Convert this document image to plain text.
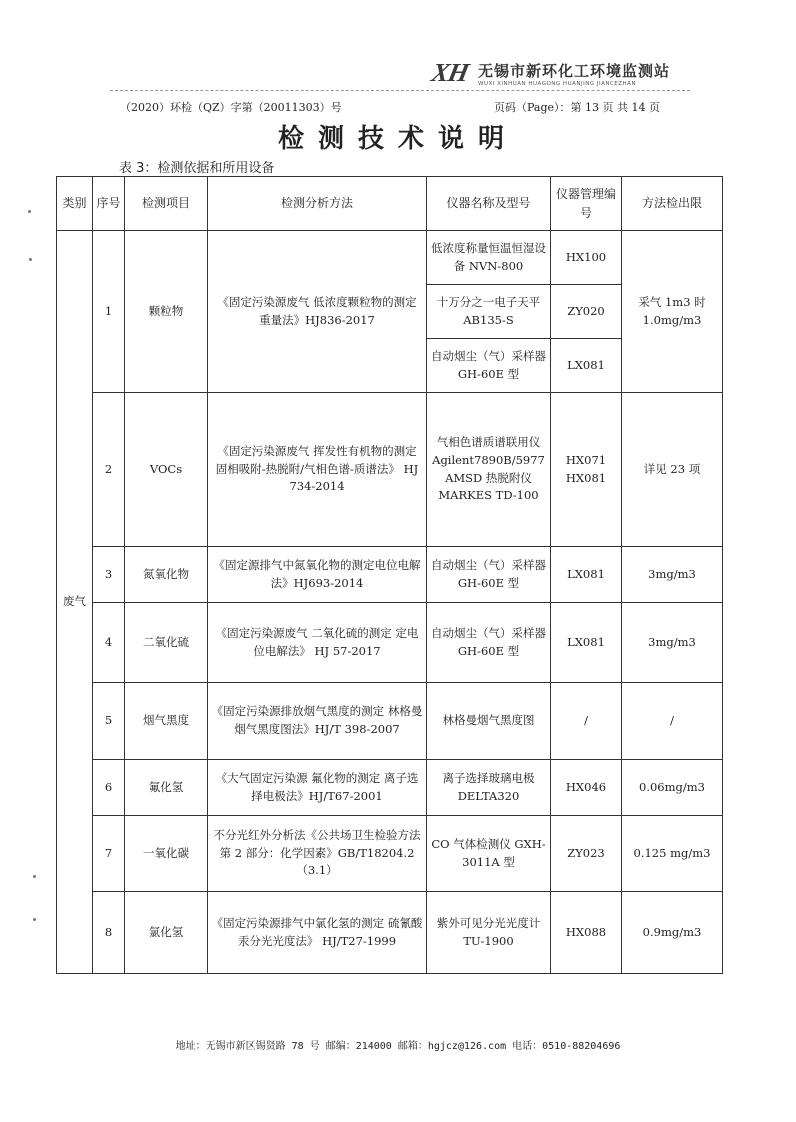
XH 无锡市新环化工环境监测站
WUXI XINHUAN HUAGONG HUANJING JIANCEZHAN
（2020）环检（QZ）字第（20011303）号	页码（Page）：第 13 页 共 14 页
检测技术说明
表 3：检测依据和所用设备
类别	序号	检测项目	检测分析方法	仪器名称及型号	仪器管理编号	方法检出限
废气	1	颗粒物	《固定污染源废气 低浓度颗粒物的测定 重量法》HJ836-2017	低浓度称量恒温恒湿设备 NVN-800	HX100	采气 1m3 时 1.0mg/m3
				十万分之一电子天平 AB135-S	ZY020	
				自动烟尘（气）采样器 GH-60E 型	LX081	
	2	VOCs	《固定污染源废气 挥发性有机物的测定 固相吸附-热脱附/气相色谱-质谱法》 HJ 734-2014	气相色谱质谱联用仪 Agilent7890B/5977 AMSD 热脱附仪 MARKES TD-100	HX071 HX081	详见 23 项
	3	氮氧化物	《固定源排气中氮氧化物的测定电位电解法》HJ693-2014	自动烟尘（气）采样器 GH-60E 型	LX081	3mg/m3
	4	二氧化硫	《固定污染源废气 二氧化硫的测定 定电位电解法》 HJ 57-2017	自动烟尘（气）采样器 GH-60E 型	LX081	3mg/m3
	5	烟气黑度	《固定污染源排放烟气黑度的测定 林格曼烟气黑度图法》HJ/T 398-2007	林格曼烟气黑度图	/	/
	6	氟化氢	《大气固定污染源 氟化物的测定 离子选择电极法》HJ/T67-2001	离子选择玻璃电极 DELTA320	HX046	0.06mg/m3
	7	一氧化碳	不分光红外分析法《公共场卫生检验方法第 2 部分：化学因素》GB/T18204.2（3.1）	CO 气体检测仪 GXH-3011A 型	ZY023	0.125 mg/m3
	8	氯化氢	《固定污染源排气中氯化氢的测定 硫氰酸汞分光光度法》 HJ/T27-1999	紫外可见分光光度计 TU-1900	HX088	0.9mg/m3
地址：无锡市新区锡贤路 78 号 邮编：214000 邮箱：hgjcz@126.com 电话：0510-88204696
